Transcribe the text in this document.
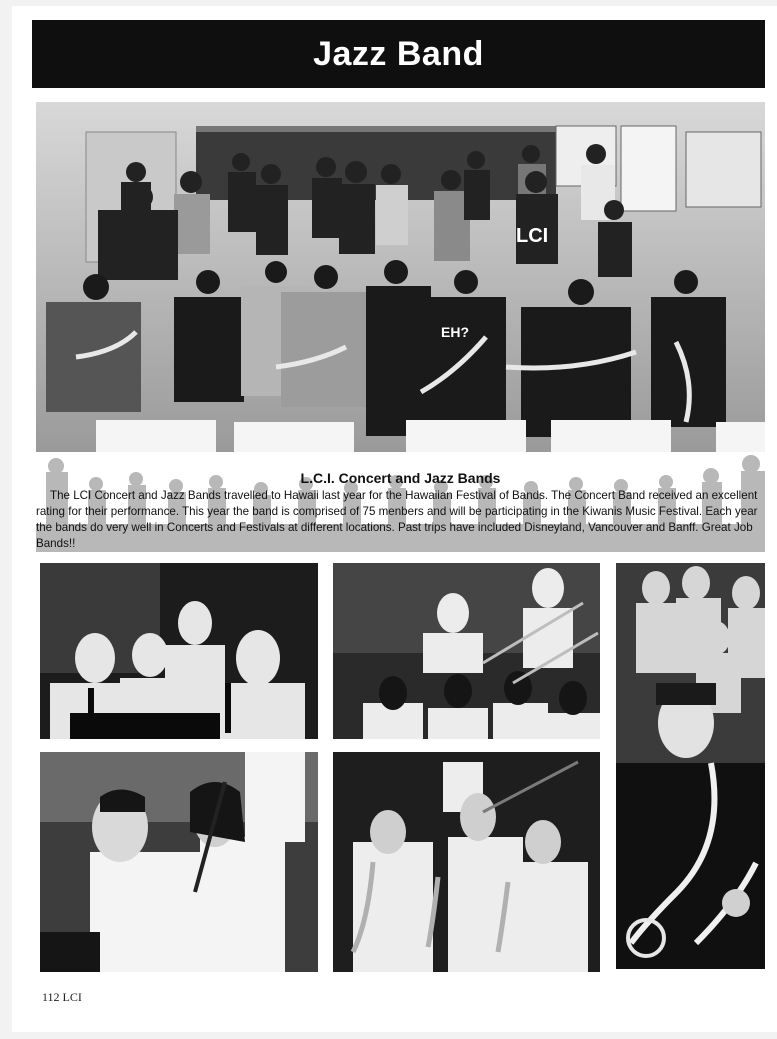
Jazz Band
LCI
EH?
L.C.I. Concert and Jazz Bands
The LCI Concert and Jazz Bands travelled to Hawaii last year for the Hawaiian Festival of Bands. The Concert Band received an excellent rating for their performance. This year the band is comprised of 75 menbers and will be participating in the Kiwanis Music Festival. Each year the bands do very well in Concerts and Festivals at different locations. Past trips have included Disneyland, Vancouver and Banff. Great Job Bands!!
112 LCI
